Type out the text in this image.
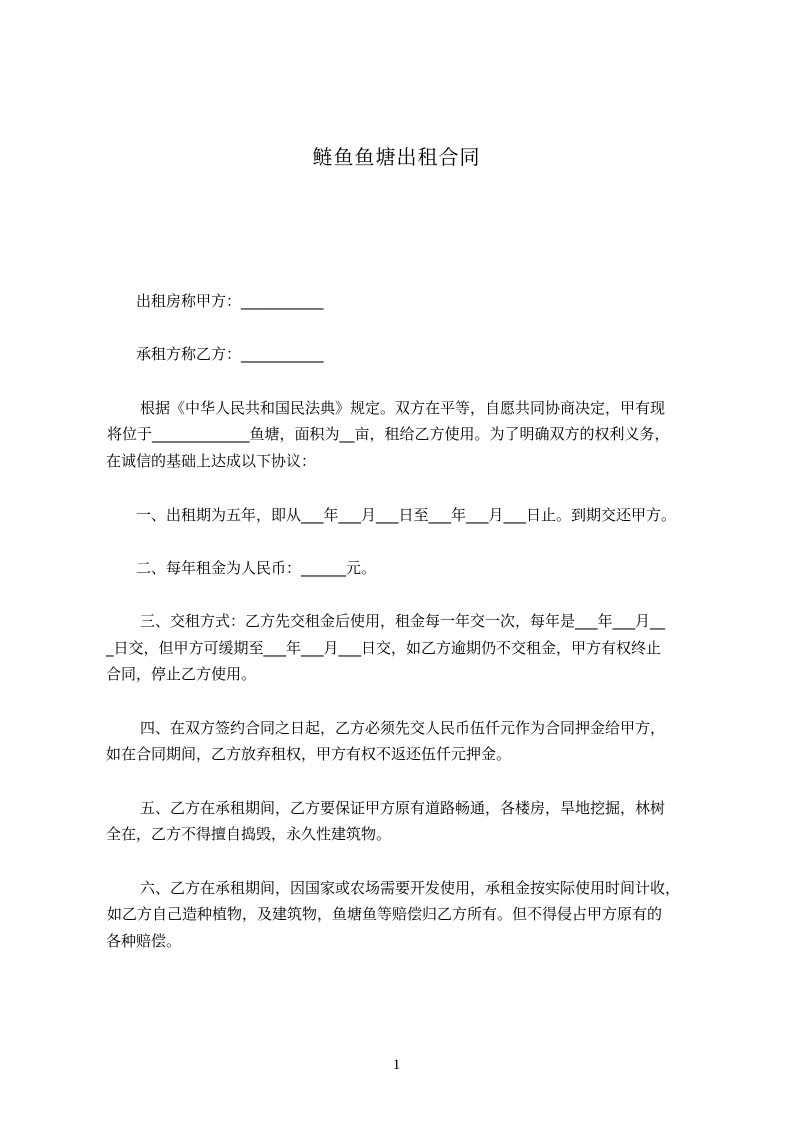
鲢鱼鱼塘出租合同
出租房称甲方：___________
承租方称乙方：___________
根据《中华人民共和国民法典》规定。双方在平等，自愿共同协商决定，甲有现
将位于_____________鱼塘，面积为__亩，租给乙方使用。为了明确双方的权利义务，
在诚信的基础上达成以下协议：
一、出租期为五年，即从___年___月___日至___年___月___日止。到期交还甲方。
二、每年租金为人民币：______元。
三、交租方式：乙方先交租金后使用，租金每一年交一次，每年是___年___月__
_日交，但甲方可缓期至___年___月___日交，如乙方逾期仍不交租金，甲方有权终止
合同，停止乙方使用。
四、在双方签约合同之日起，乙方必须先交人民币伍仟元作为合同押金给甲方，
如在合同期间，乙方放弃租权，甲方有权不返还伍仟元押金。
五、乙方在承租期间，乙方要保证甲方原有道路畅通，各楼房，旱地挖掘，林树
全在，乙方不得擅自捣毁，永久性建筑物。
六、乙方在承租期间，因国家或农场需要开发使用，承租金按实际使用时间计收，
如乙方自己造种植物，及建筑物，鱼塘鱼等赔偿归乙方所有。但不得侵占甲方原有的
各种赔偿。
1
